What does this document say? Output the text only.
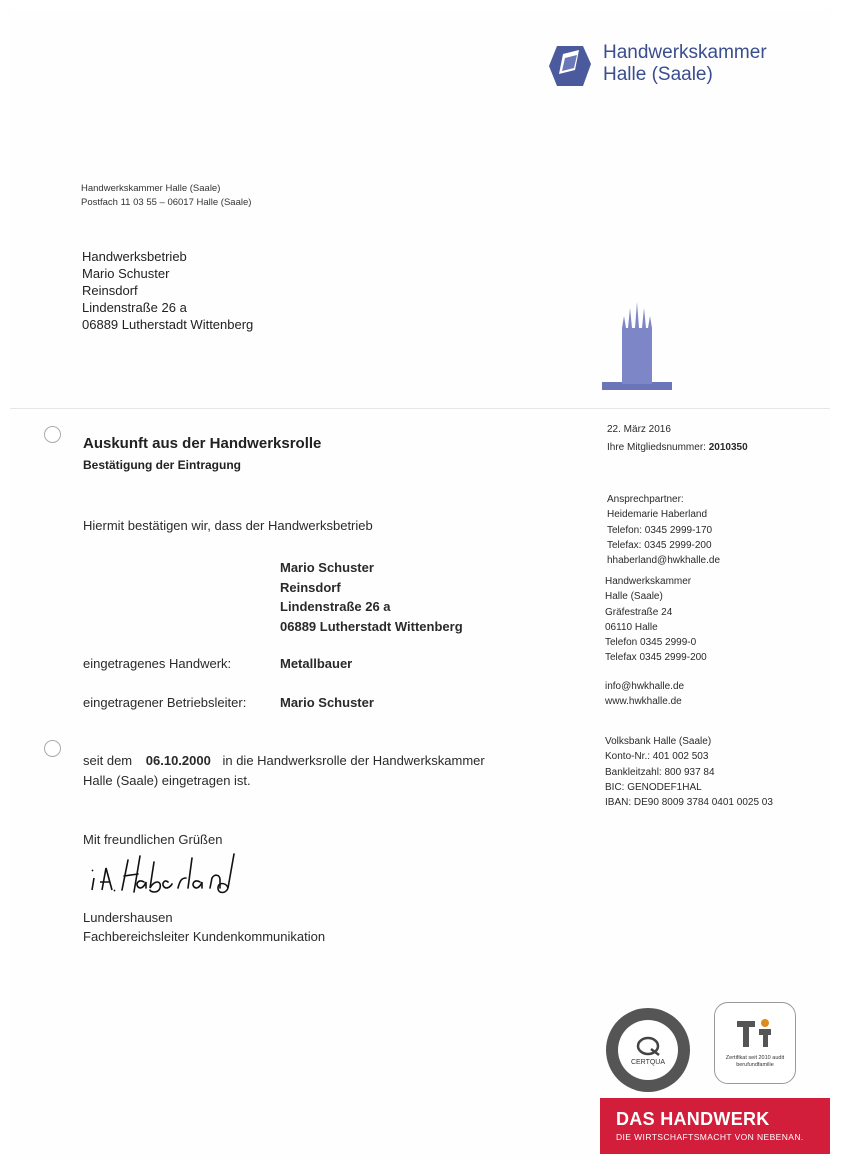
Handwerkskammer
Halle (Saale)
Handwerkskammer Halle (Saale)
Postfach 11 03 55 – 06017 Halle (Saale)
Handwerksbetrieb
Mario Schuster
Reinsdorf
Lindenstraße 26 a
06889 Lutherstadt Wittenberg
22. März 2016
Ihre Mitgliedsnummer: 2010350
Ansprechpartner:
Heidemarie Haberland
Telefon: 0345 2999-170
Telefax: 0345 2999-200
hhaberland@hwkhalle.de
Handwerkskammer
Halle (Saale)
Gräfestraße 24
06110 Halle
Telefon 0345 2999-0
Telefax 0345 2999-200
info@hwkhalle.de
www.hwkhalle.de
Volksbank Halle (Saale)
Konto-Nr.: 401 002 503
Bankleitzahl: 800 937 84
BIC: GENODEF1HAL
IBAN: DE90 8009 3784 0401 0025 03
Auskunft aus der Handwerksrolle
Bestätigung der Eintragung
Hiermit bestätigen wir, dass der Handwerksbetrieb
Mario Schuster
Reinsdorf
Lindenstraße 26 a
06889 Lutherstadt Wittenberg
eingetragenes Handwerk:	Metallbauer
eingetragener Betriebsleiter:	Mario Schuster
seit dem 06.10.2000 in die Handwerksrolle der Handwerkskammer
Halle (Saale) eingetragen ist.
Mit freundlichen Grüßen
Lundershausen
Fachbereichsleiter Kundenkommunikation
CERTQUA
Zertifikat seit 2010 audit berufundfamilie
DAS HANDWERK
DIE WIRTSCHAFTSMACHT VON NEBENAN.
